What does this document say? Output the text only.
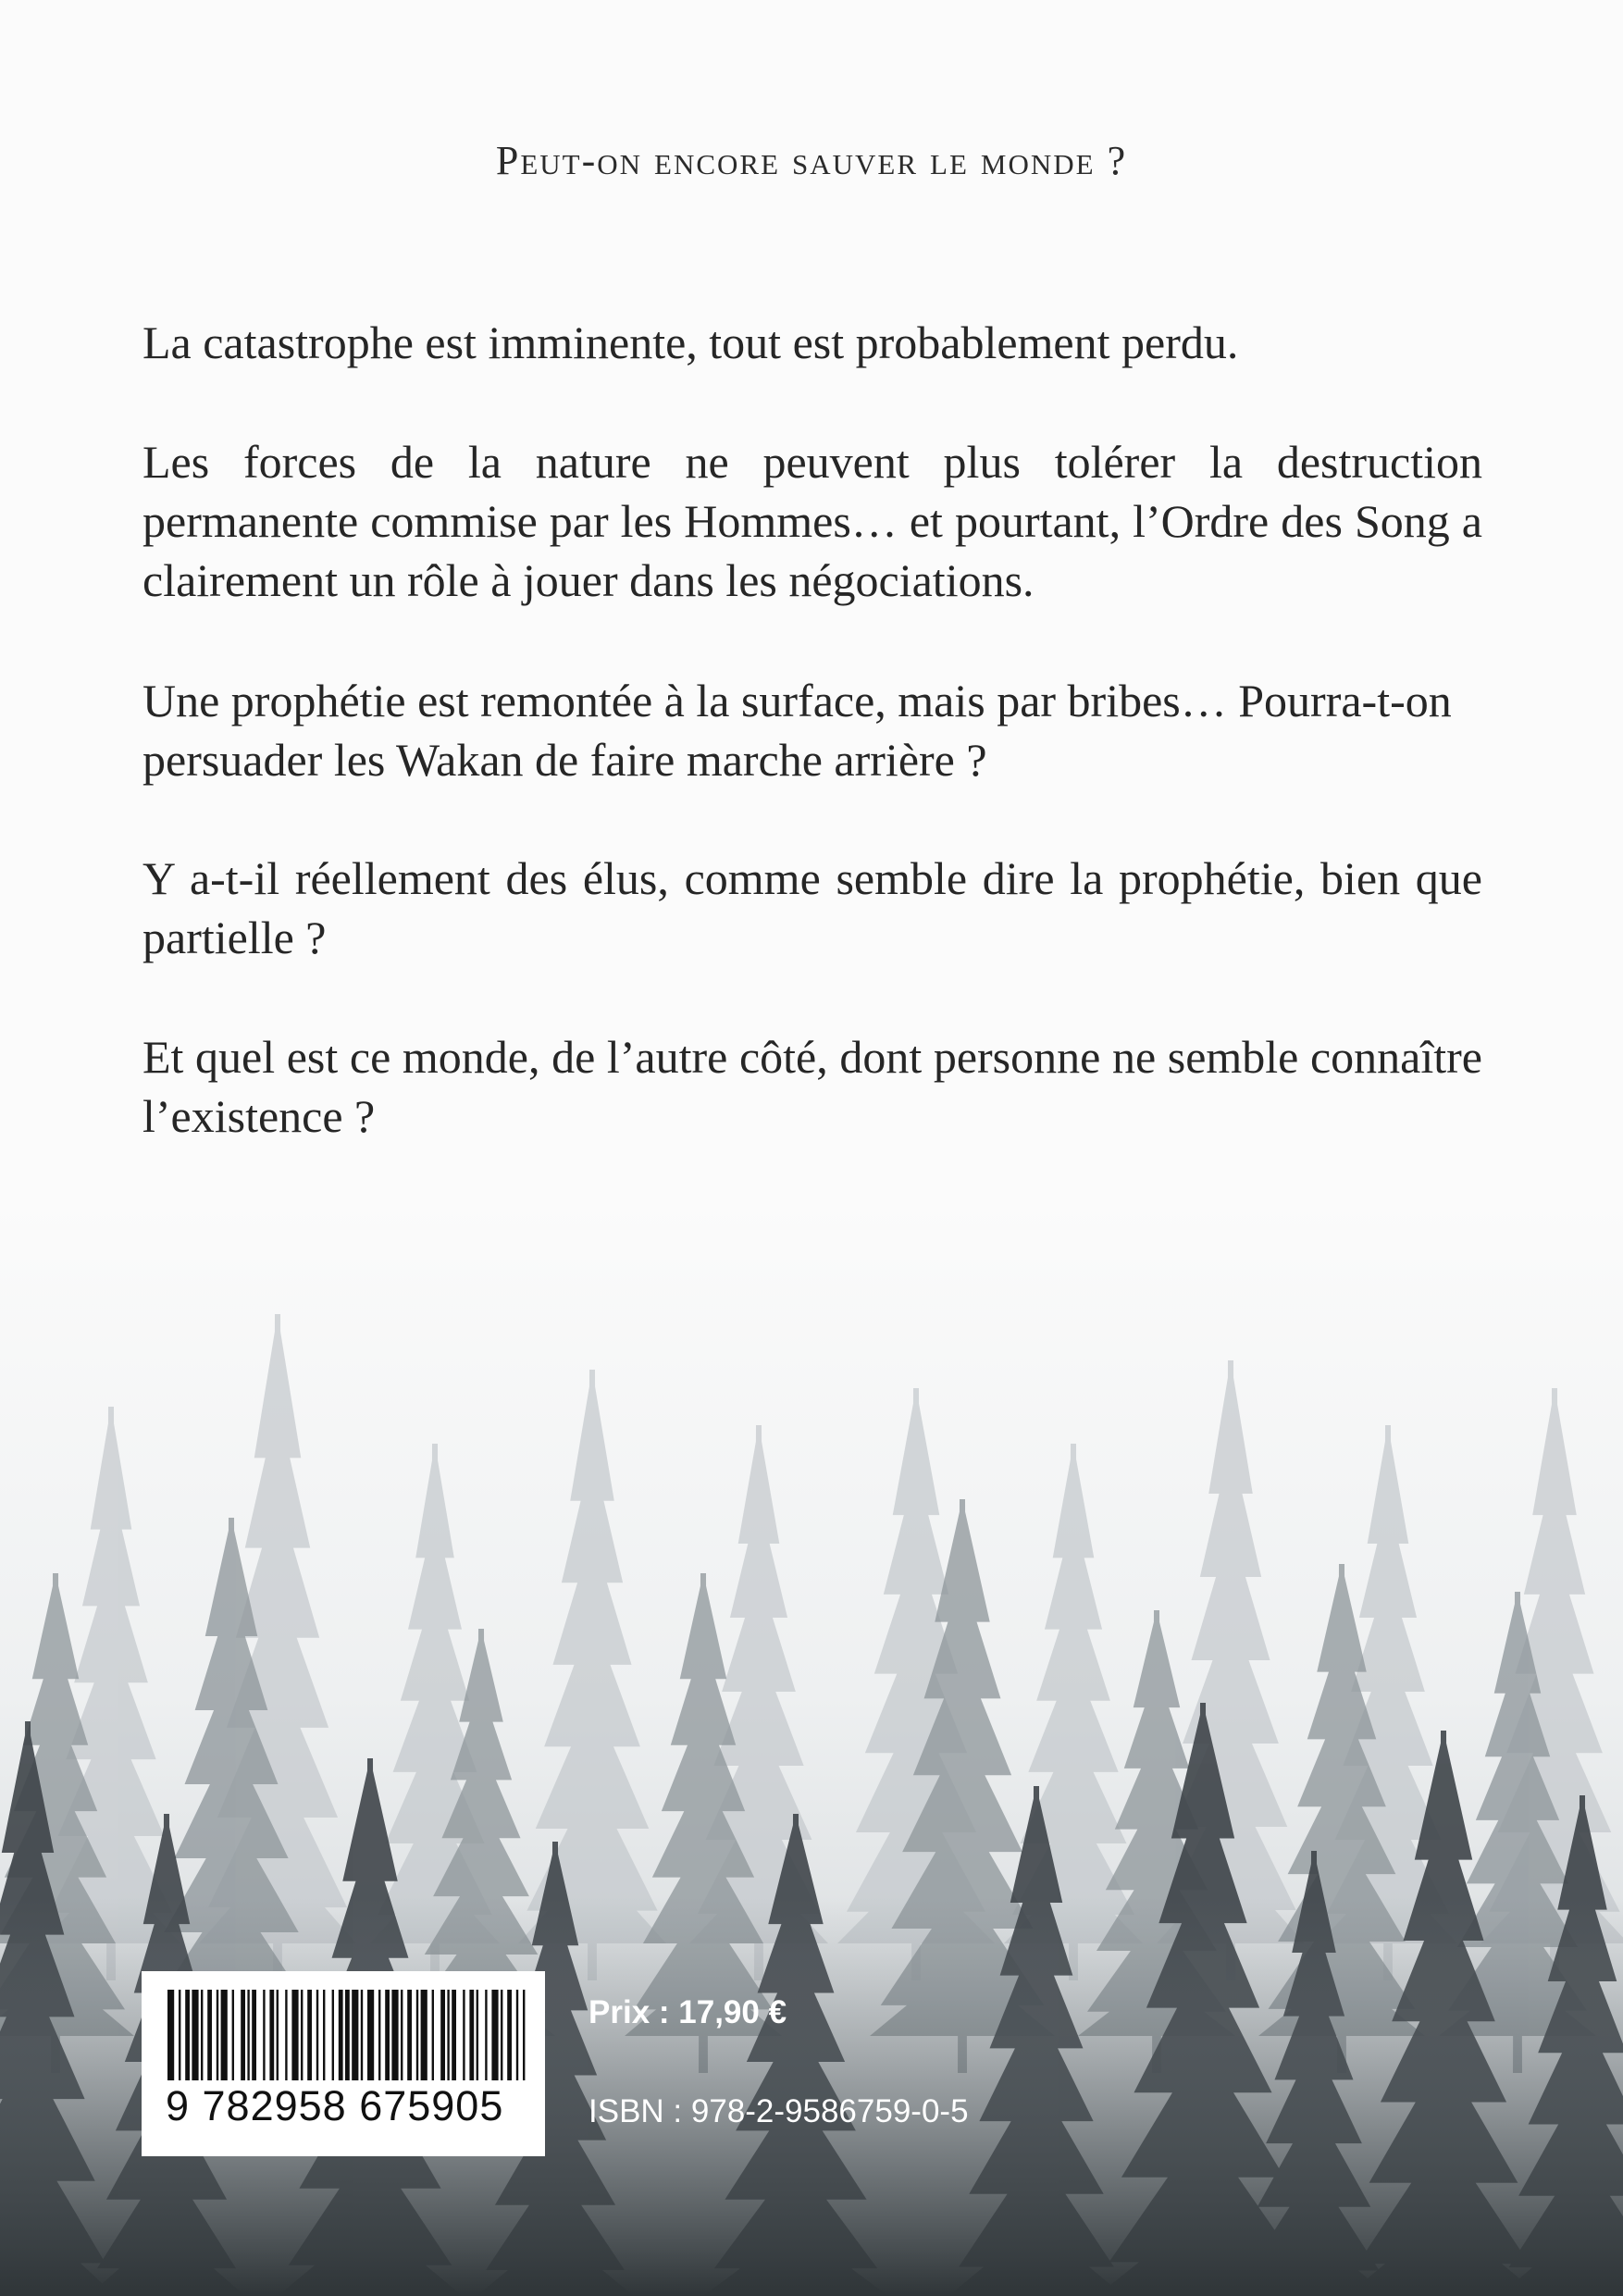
Peut-on encore sauver le monde ?

La catastrophe est imminente, tout est probablement perdu.

Les forces de la nature ne peuvent plus tolérer la destruction permanente commise par les Hommes… et pourtant, l’Ordre des Song a clairement un rôle à jouer dans les négociations.

Une prophétie est remontée à la surface, mais par bribes… Pourra-t-on persuader les Wakan de faire marche arrière ?

Y a-t-il réellement des élus, comme semble dire la prophétie, bien que partielle ?

Et quel est ce monde, de l’autre côté, dont personne ne semble connaître l’existence ?

9 782958 675905
Prix : 17,90 €
ISBN : 978-2-9586759-0-5
